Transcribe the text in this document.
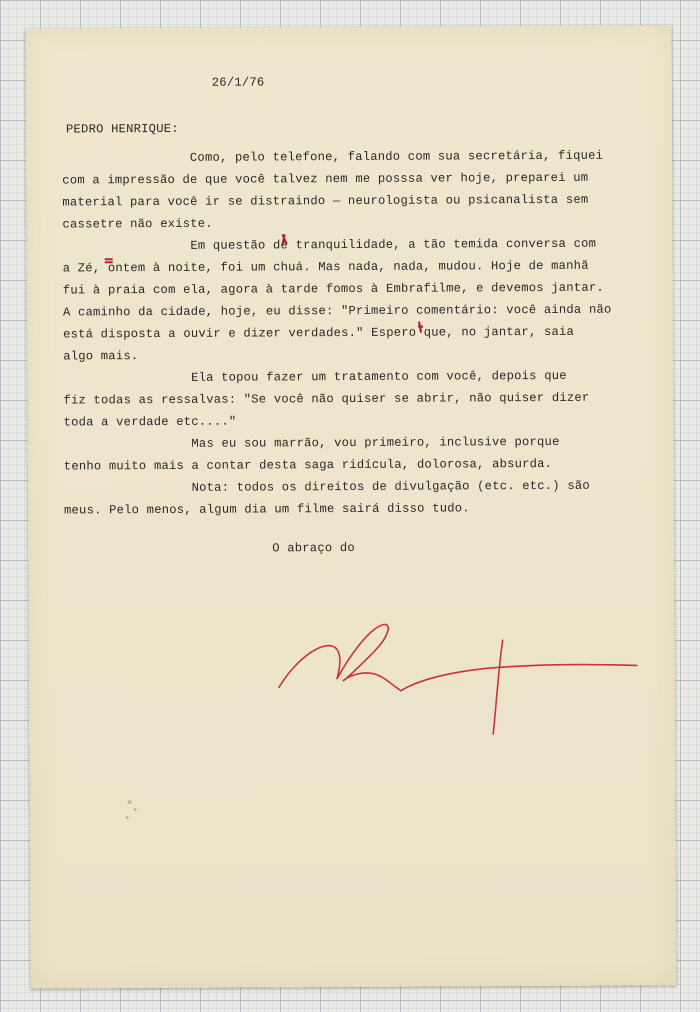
26/1/76
PEDRO HENRIQUE:
Como, pelo telefone, falando com sua secretária, fiquei
com a impressão de que você talvez nem me posssa ver hoje, preparei um
material para você ir se distraindo — neurologista ou psicanalista sem
cassetre não existe.
Em questão de tranquilidade, a tão temida conversa com
a Zé, ontem à noite, foi um chuá. Mas nada, nada, mudou. Hoje de manhã
fui à praia com ela, agora à tarde fomos à Embrafilme, e devemos jantar.
A caminho da cidade, hoje, eu disse: "Primeiro comentário: você ainda não
está disposta a ouvir e dizer verdades." Espero que, no jantar, saia
algo mais.
Ela topou fazer um tratamento com você, depois que
fiz todas as ressalvas: "Se você não quiser se abrir, não quiser dizer
toda a verdade etc...."
Mas eu sou marrão, vou primeiro, inclusive porque
tenho muito mais a contar desta saga ridícula, dolorosa, absurda.
Nota: todos os direitos de divulgação (etc. etc.) são
meus. Pelo menos, algum dia um filme sairá disso tudo.
O abraço do
